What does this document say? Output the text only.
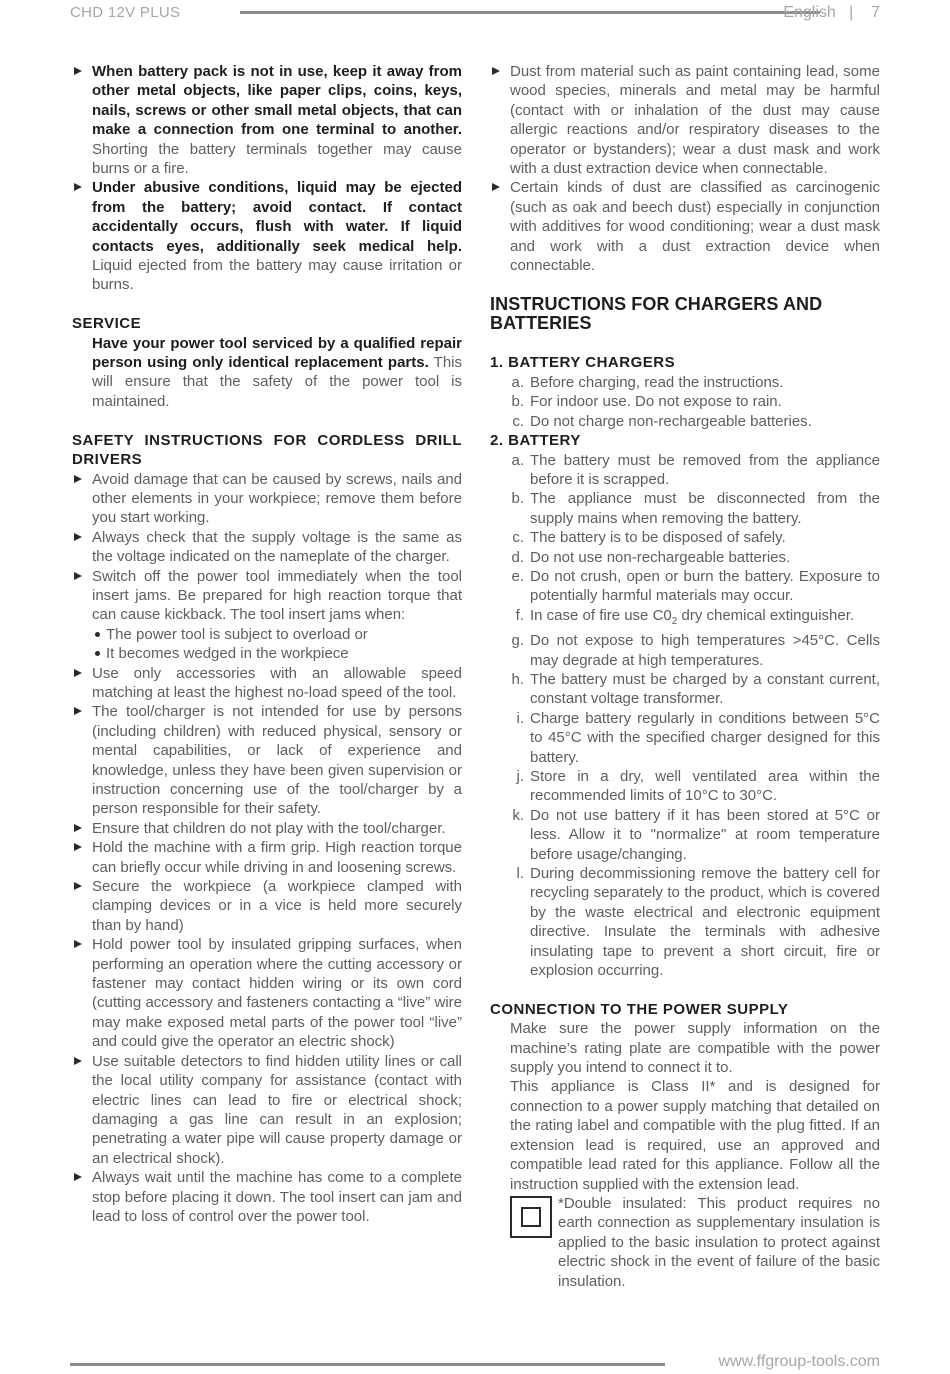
CHD 12V PLUS	English | 7
When battery pack is not in use, keep it away from other metal objects, like paper clips, coins, keys, nails, screws or other small metal objects, that can make a connection from one terminal to another. Shorting the battery terminals together may cause burns or a fire.
Under abusive conditions, liquid may be ejected from the battery; avoid contact. If contact accidentally occurs, flush with water. If liquid contacts eyes, additionally seek medical help. Liquid ejected from the battery may cause irritation or burns.
SERVICE

Have your power tool serviced by a qualified repair person using only identical replacement parts. This will ensure that the safety of the power tool is maintained.

SAFETY INSTRUCTIONS FOR CORDLESS DRILL DRIVERS
Avoid damage that can be caused by screws, nails and other elements in your workpiece; remove them before you start working.
Always check that the supply voltage is the same as the voltage indicated on the nameplate of the charger.
Switch off the power tool immediately when the tool insert jams. Be prepared for high reaction torque that can cause kickback. The tool insert jams when:
The power tool is subject to overload or
It becomes wedged in the workpiece
Use only accessories with an allowable speed matching at least the highest no-load speed of the tool.
The tool/charger is not intended for use by persons (including children) with reduced physical, sensory or mental capabilities, or lack of experience and knowledge, unless they have been given supervision or instruction concerning use of the tool/charger by a person responsible for their safety.
Ensure that children do not play with the tool/charger.
Hold the machine with a firm grip. High reaction torque can briefly occur while driving in and loosening screws.
Secure the workpiece (a workpiece clamped with clamping devices or in a vice is held more securely than by hand)
Hold power tool by insulated gripping surfaces, when performing an operation where the cutting accessory or fastener may contact hidden wiring or its own cord (cutting accessory and fasteners contacting a “live” wire may make exposed metal parts of the power tool “live” and could give the operator an electric shock)
Use suitable detectors to find hidden utility lines or call the local utility company for assistance (contact with electric lines can lead to fire or electrical shock; damaging a gas line can result in an explosion; penetrating a water pipe will cause property damage or an electrical shock).
Always wait until the machine has come to a complete stop before placing it down. The tool insert can jam and lead to loss of control over the power tool.
Dust from material such as paint containing lead, some wood species, minerals and metal may be harmful (contact with or inhalation of the dust may cause allergic reactions and/or respiratory diseases to the operator or bystanders); wear a dust mask and work with a dust extraction device when connectable.
Certain kinds of dust are classified as carcinogenic (such as oak and beech dust) especially in conjunction with additives for wood conditioning; wear a dust mask and work with a dust extraction device when connectable.
INSTRUCTIONS FOR CHARGERS AND BATTERIES
1. BATTERY CHARGERS
a. Before charging, read the instructions.
b. For indoor use. Do not expose to rain.
c. Do not charge non-rechargeable batteries.
2. BATTERY
a. The battery must be removed from the appliance before it is scrapped.
b. The appliance must be disconnected from the supply mains when removing the battery.
c. The battery is to be disposed of safely.
d. Do not use non-rechargeable batteries.
e. Do not crush, open or burn the battery. Exposure to potentially harmful materials may occur.
f. In case of fire use $C0_2$ dry chemical extinguisher.
g. Do not expose to high temperatures >45°C. Cells may degrade at high temperatures.
h. The battery must be charged by a constant current, constant voltage transformer.
i. Charge battery regularly in conditions between 5°C to 45°C with the specified charger designed for this battery.
j. Store in a dry, well ventilated area within the recommended limits of 10°C to 30°C.
k. Do not use battery if it has been stored at 5°C or less. Allow it to "normalize" at room temperature before usage/changing.
l. During decommissioning remove the battery cell for recycling separately to the product, which is covered by the waste electrical and electronic equipment directive. Insulate the terminals with adhesive insulating tape to prevent a short circuit, fire or explosion occurring.
CONNECTION TO THE POWER SUPPLY

Make sure the power supply information on the machine’s rating plate are compatible with the power supply you intend to connect it to.

This appliance is Class II* and is designed for connection to a power supply matching that detailed on the rating label and compatible with the plug fitted. If an extension lead is required, use an approved and compatible lead rated for this appliance. Follow all the instruction supplied with the extension lead.

*Double insulated: This product requires no earth connection as supplementary insulation is applied to the basic insulation to protect against electric shock in the event of failure of the basic insulation.

www.ffgroup-tools.com
